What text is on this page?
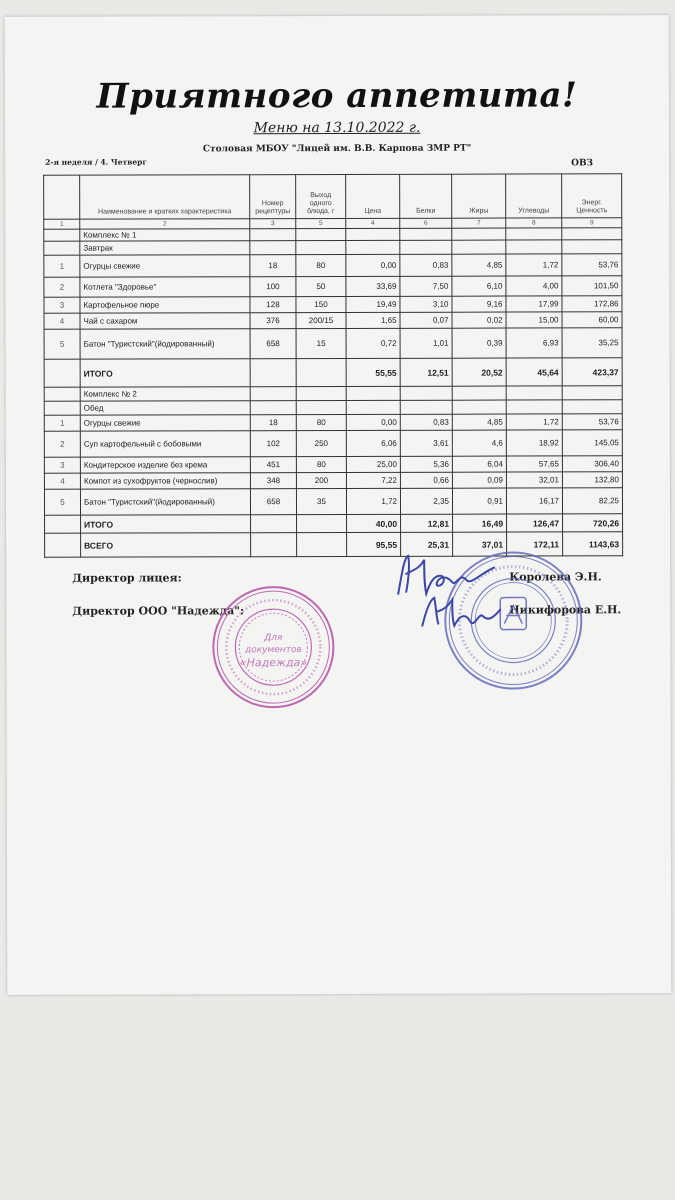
Приятного аппетита!
Меню на 13.10.2022 г.
Столовая МБОУ "Лицей им. В.В. Карпова ЗМР РТ"
2-я неделя / 4. Четверг	ОВЗ
	Наименование и кратких характеристика	Номер рецептуры	Выход одного блюда, г	Цена	Белки	Жиры	Углеводы	Энерг. Ценность
1	2	3	5	4	6	7	8	9
	Комплекс № 1							
	Завтрак							
1	Огурцы свежие	18	80	0,00	0,83	4,85	1,72	53,76
2	Котлета "Здоровье"	100	50	33,69	7,50	6,10	4,00	101,50
3	Картофельное пюре	128	150	19,49	3,10	9,16	17,99	172,86
4	Чай с сахаром	376	200/15	1,65	0,07	0,02	15,00	60,00
5	Батон "Туристский"(йодированный)	658	15	0,72	1,01	0,39	6,93	35,25
	ИТОГО			55,55	12,51	20,52	45,64	423,37
	Комплекс № 2							
	Обед							
1	Огурцы свежие	18	80	0,00	0,83	4,85	1,72	53,76
2	Суп картофельный с бобовыми	102	250	6,06	3,61	4,6	18,92	145,05
3	Кондитерское изделие без крема	451	80	25,00	5,36	6,04	57,65	306,40
4	Компот из сухофруктов (чернослив)	348	200	7,22	0,66	0,09	32,01	132,80
5	Батон "Туристский"(йодированный)	658	35	1,72	2,35	0,91	16,17	82,25
	ИТОГО			40,00	12,81	16,49	126,47	720,26
	ВСЕГО			95,55	25,31	37,01	172,11	1143,63
Директор лицея:	Королева Э.Н.
Директор ООО "Надежда":	Никифорова Е.Н.
Для
документов
«Надежда»
